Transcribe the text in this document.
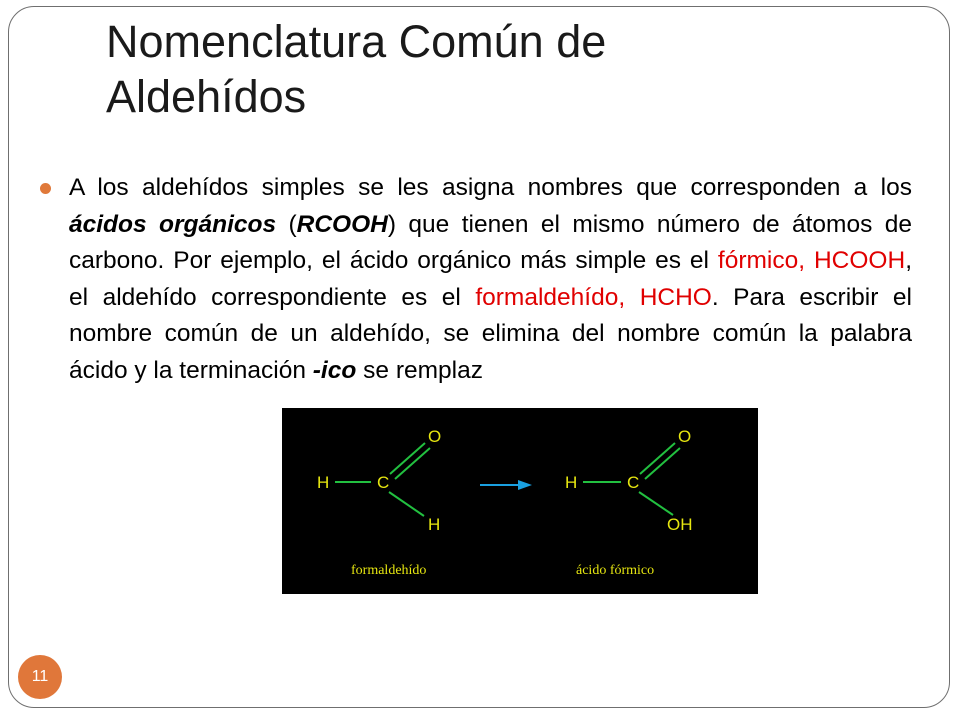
Nomenclatura Común de
Aldehídos
A los aldehídos simples se les asigna nombres que corresponden a los ácidos orgánicos (RCOOH) que tienen el mismo número de átomos de carbono. Por ejemplo, el ácido orgánico más simple es el fórmico, HCOOH, el aldehído correspondiente es el formaldehído, HCHO. Para escribir el nombre común de un aldehído, se elimina del nombre común la palabra ácido y la terminación -ico se remplaz
H	C
O
H
formaldehído
H	C
O
OH
ácido fórmico
11
